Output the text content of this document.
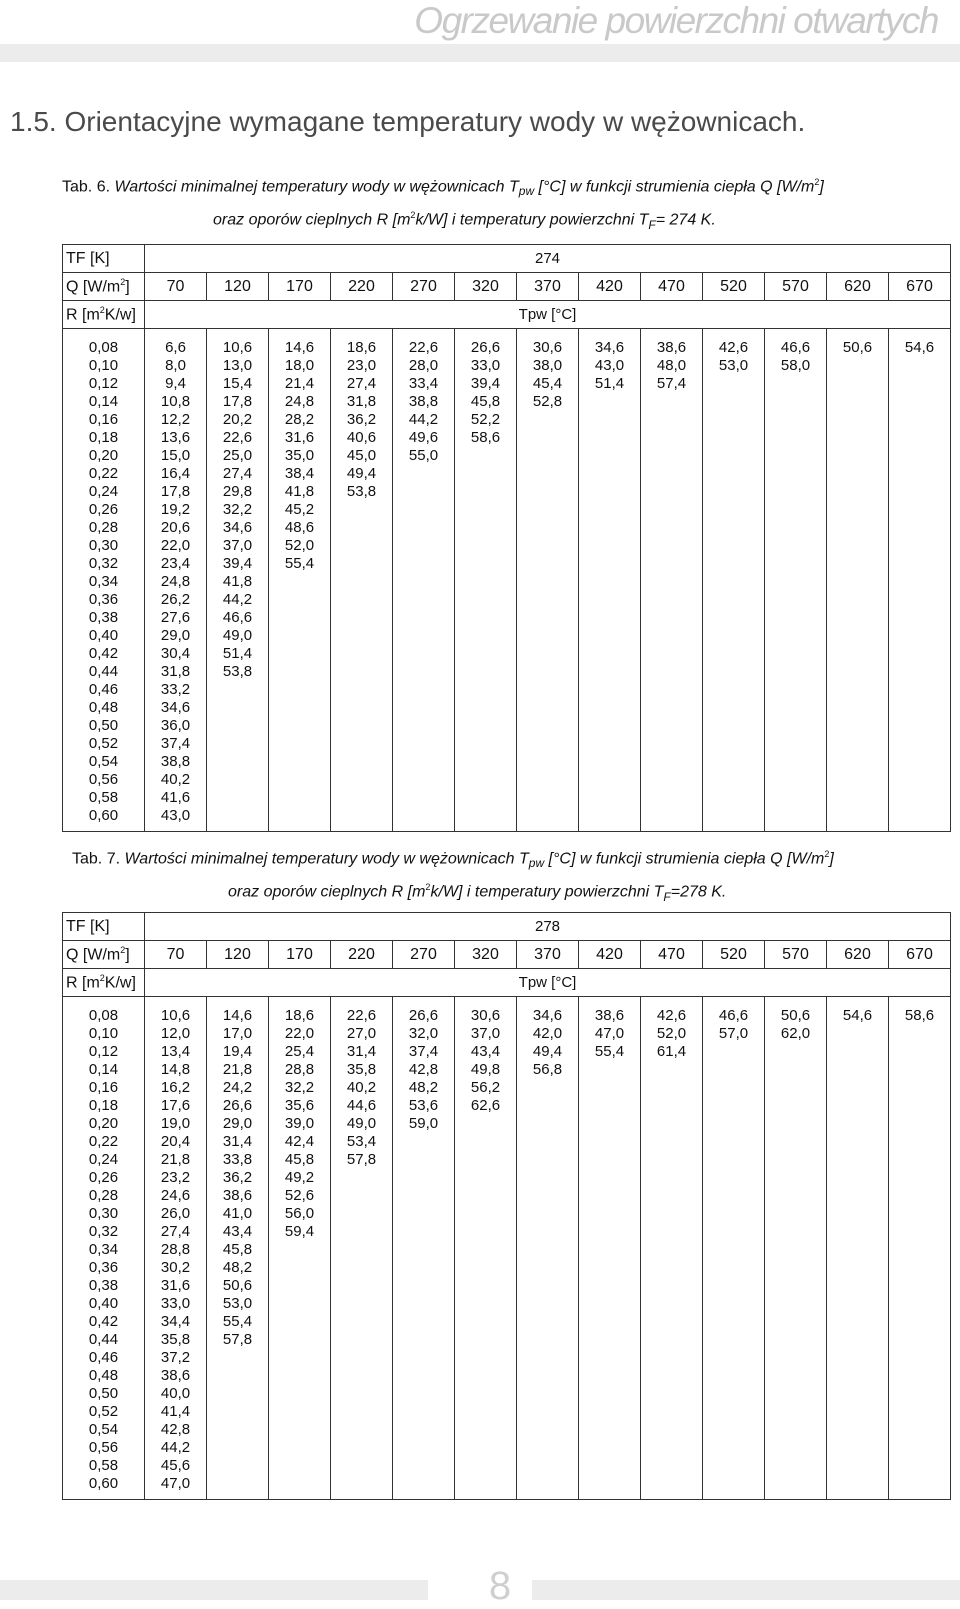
Ogrzewanie powierzchni otwartych
1.5. Orientacyjne wymagane temperatury wody w wężownicach.
Tab. 6. Wartości minimalnej temperatury wody w wężownicach $T_{pw}$ [°C] w funkcji strumienia ciepła Q $[W/m^2]$
oraz oporów cieplnych R $[m^2k/W]$ i temperatury powierzchni $T_F= 274$ K.
TF [K]	274												
Q $[W/m^2]$	70	120	170	220	270	320	370	420	470	520	570	620	670
R $[m^2K/w]$	Tpw [°C]												
0,08	6,6	10,6	14,6	18,6	22,6	26,6	30,6	34,6	38,6	42,6	46,6	50,6	54,6
0,10	8,0	13,0	18,0	23,0	28,0	33,0	38,0	43,0	48,0	53,0	58,0		
0,12	9,4	15,4	21,4	27,4	33,4	39,4	45,4	51,4	57,4				
0,14	10,8	17,8	24,8	31,8	38,8	45,8	52,8						
0,16	12,2	20,2	28,2	36,2	44,2	52,2							
0,18	13,6	22,6	31,6	40,6	49,6	58,6							
0,20	15,0	25,0	35,0	45,0	55,0								
0,22	16,4	27,4	38,4	49,4									
0,24	17,8	29,8	41,8	53,8									
0,26	19,2	32,2	45,2										
0,28	20,6	34,6	48,6										
0,30	22,0	37,0	52,0										
0,32	23,4	39,4	55,4										
0,34	24,8	41,8											
0,36	26,2	44,2											
0,38	27,6	46,6											
0,40	29,0	49,0											
0,42	30,4	51,4											
0,44	31,8	53,8											
0,46	33,2												
0,48	34,6												
0,50	36,0												
0,52	37,4												
0,54	38,8												
0,56	40,2												
0,58	41,6												
0,60	43,0												
Tab. 7. Wartości minimalnej temperatury wody w wężownicach $T_{pw}$ [°C] w funkcji strumienia ciepła Q $[W/m^2]$
oraz oporów cieplnych R $[m^2k/W]$ i temperatury powierzchni $T_F=278$ K.
TF [K]	278												
Q $[W/m^2]$	70	120	170	220	270	320	370	420	470	520	570	620	670
R $[m^2K/w]$	Tpw [°C]												
0,08	10,6	14,6	18,6	22,6	26,6	30,6	34,6	38,6	42,6	46,6	50,6	54,6	58,6
0,10	12,0	17,0	22,0	27,0	32,0	37,0	42,0	47,0	52,0	57,0	62,0		
0,12	13,4	19,4	25,4	31,4	37,4	43,4	49,4	55,4	61,4				
0,14	14,8	21,8	28,8	35,8	42,8	49,8	56,8						
0,16	16,2	24,2	32,2	40,2	48,2	56,2							
0,18	17,6	26,6	35,6	44,6	53,6	62,6							
0,20	19,0	29,0	39,0	49,0	59,0								
0,22	20,4	31,4	42,4	53,4									
0,24	21,8	33,8	45,8	57,8									
0,26	23,2	36,2	49,2										
0,28	24,6	38,6	52,6										
0,30	26,0	41,0	56,0										
0,32	27,4	43,4	59,4										
0,34	28,8	45,8											
0,36	30,2	48,2											
0,38	31,6	50,6											
0,40	33,0	53,0											
0,42	34,4	55,4											
0,44	35,8	57,8											
0,46	37,2												
0,48	38,6												
0,50	40,0												
0,52	41,4												
0,54	42,8												
0,56	44,2												
0,58	45,6												
0,60	47,0												
8
